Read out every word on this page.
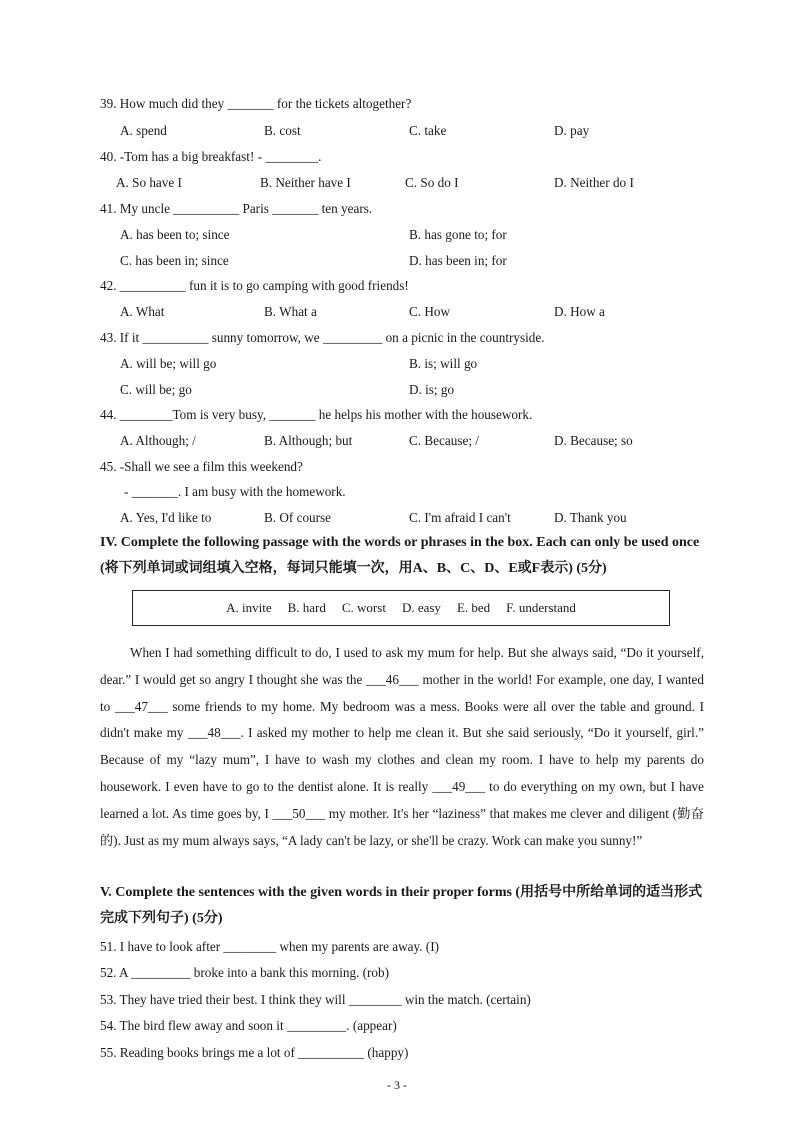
39. How much did they _______ for the tickets altogether?
A. spend	B. cost	C. take	D. pay
40. -Tom has a big breakfast! - ________.
A. So have I	B. Neither have I	C. So do I	D. Neither do I
41. My uncle __________ Paris _______ ten years.
A. has been to; since	B. has gone to; for
C. has been in; since	D. has been in; for
42. __________ fun it is to go camping with good friends!
A. What	B. What a	C. How	D. How a
43. If it __________ sunny tomorrow, we _________ on a picnic in the countryside.
A. will be; will go	B. is; will go
C. will be; go	D. is; go
44. ________Tom is very busy, _______ he helps his mother with the housework.
A. Although; /	B. Although; but	C. Because; /	D. Because; so
45. -Shall we see a film this weekend?
- _______. I am busy with the homework.
A. Yes, I'd like to	B. Of course	C. I'm afraid I can't	D. Thank you
IV. Complete the following passage with the words or phrases in the box. Each can only be used once (将下列单词或词组填入空格，每词只能填一次，用A、B、C、D、E或F表示) (5分)
A. invite B. hard C. worst D. easy E. bed F. understand

When I had something difficult to do, I used to ask my mum for help. But she always said, “Do it yourself, dear.” I would get so angry I thought she was the ___46___ mother in the world! For example, one day, I wanted to ___47___ some friends to my home. My bedroom was a mess. Books were all over the table and ground. I didn't make my ___48___. I asked my mother to help me clean it. But she said seriously, “Do it yourself, girl.” Because of my “lazy mum”, I have to wash my clothes and clean my room. I have to help my parents do housework. I even have to go to the dentist alone. It is really ___49___ to do everything on my own, but I have learned a lot. As time goes by, I ___50___ my mother. It's her “laziness” that makes me clever and diligent (勤奋的). Just as my mum always says, “A lady can't be lazy, or she'll be crazy. Work can make you sunny!”

V. Complete the sentences with the given words in their proper forms (用括号中所给单词的适当形式完成下列句子) (5分)
51. I have to look after ________ when my parents are away. (I)
52. A _________ broke into a bank this morning. (rob)
53. They have tried their best. I think they will ________ win the match. (certain)
54. The bird flew away and soon it _________. (appear)
55. Reading books brings me a lot of __________ (happy)
- 3 -
